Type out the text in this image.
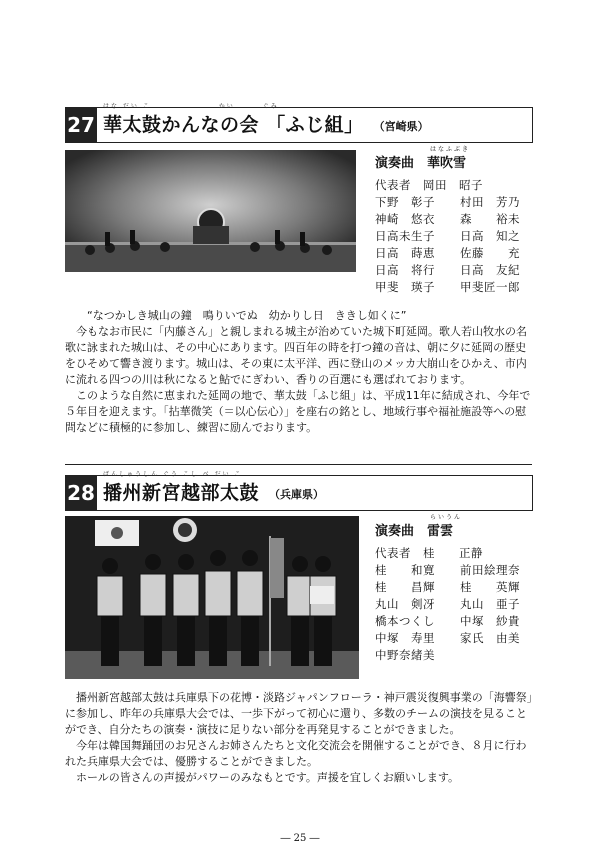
27
はな だい こ　　　　　　　　 かい　　　 ぐみ
華太鼓かんなの会 「ふじ組」 （宮崎県）
はなふぶき
演奏曲　 華吹雪
代表者　岡田　昭子
下野　彰子	村田　芳乃
神崎　悠衣	森　　裕未
日高未生子	日高　知之
日高　蒔恵	佐藤　　充
日高　将行	日高　友紀
甲斐　瑛子	甲斐匠一郎

“なつかしき城山の鐘　鳴りいでぬ　幼かりし日　ききし如くに”

今もなお市民に「内藤さん」と親しまれる城主が治めていた城下町延岡。歌人若山牧水の名歌に詠まれた城山は、その中心にあります。四百年の時を打つ鐘の音は、朝に夕に延岡の歴史をひそめて響き渡ります。城山は、その東に太平洋、西に登山のメッカ大崩山をひかえ、市内に流れる四つの川は秋になると鮎でにぎわい、香りの百選にも選ばれております。

このような自然に恵まれた延岡の地で、華太鼓「ふじ組」は、平成11年に結成され、今年で５年目を迎えます。「拈華微笑（＝以心伝心）」を座右の銘とし、地域行事や福祉施設等への慰問などに積極的に参加し、練習に励んでおります。

28
ばんしゅうしん ぐう こし べ だい こ
播州新宮越部太鼓 （兵庫県）
らいうん
演奏曲　 雷雲
代表者　桂　　正静
桂　　和寛	前田絵理奈
桂　　昌輝	桂　　英輝
丸山　剣冴	丸山　亜子
橋本つくし	中塚　紗貴
中塚　寿里	家氏　由美
中野奈緒美

播州新宮越部太鼓は兵庫県下の花博・淡路ジャパンフローラ・神戸震災復興事業の「海響祭」に参加し、昨年の兵庫県大会では、一歩下がって初心に還り、多数のチームの演技を見ることができ、自分たちの演奏・演技に足りない部分を再発見することができました。

今年は韓国舞踊団のお兄さんお姉さんたちと文化交流会を開催することができ、８月に行われた兵庫県大会では、優勝することができました。

ホールの皆さんの声援がパワーのみなもとです。声援を宜しくお願いします。

― 25 ―
